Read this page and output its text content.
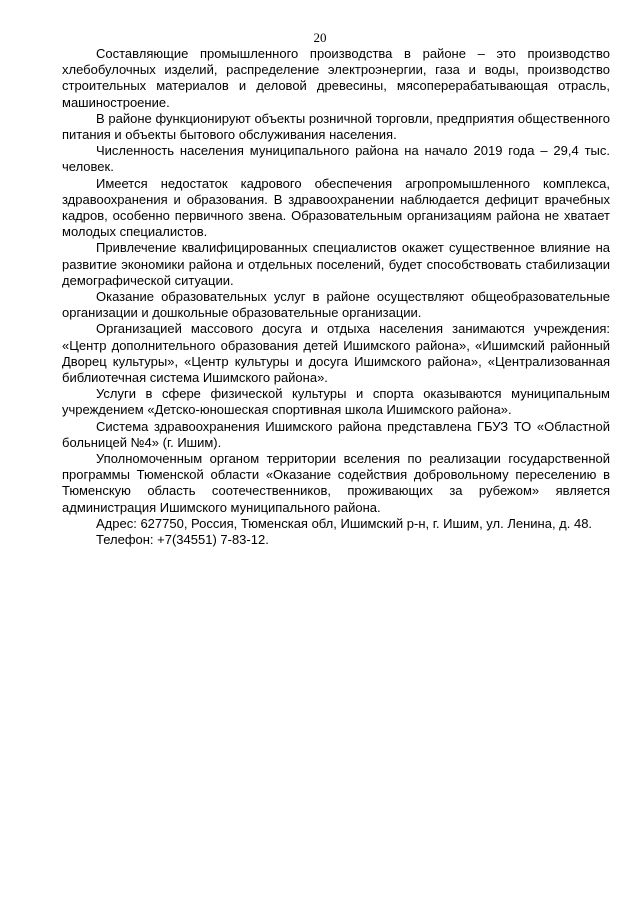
20

Составляющие промышленного производства в районе – это производство хлебобулочных изделий, распределение электроэнергии, газа и воды, производство строительных материалов и деловой древесины, мясоперерабатывающая отрасль, машиностроение.

В районе функционируют объекты розничной торговли, предприятия общественного питания и объекты бытового обслуживания населения.

Численность населения муниципального района на начало 2019 года – 29,4 тыс. человек.

Имеется недостаток кадрового обеспечения агропромышленного комплекса, здравоохранения и образования. В здравоохранении наблюдается дефицит врачебных кадров, особенно первичного звена. Образовательным организациям района не хватает молодых специалистов.

Привлечение квалифицированных специалистов окажет существенное влияние на развитие экономики района и отдельных поселений, будет способствовать стабилизации демографической ситуации.

Оказание образовательных услуг в районе осуществляют общеобразовательные организации и дошкольные образовательные организации.

Организацией массового досуга и отдыха населения занимаются учреждения: «Центр дополнительного образования детей Ишимского района», «Ишимский районный Дворец культуры», «Центр культуры и досуга Ишимского района», «Централизованная библиотечная система Ишимского района».

Услуги в сфере физической культуры и спорта оказываются муниципальным учреждением «Детско-юношеская спортивная школа Ишимского района».

Система здравоохранения Ишимского района представлена ГБУЗ ТО «Областной больницей №4» (г. Ишим).

Уполномоченным органом территории вселения по реализации государственной программы Тюменской области «Оказание содействия добровольному переселению в Тюменскую область соотечественников, проживающих за рубежом» является администрация Ишимского муниципального района.

Адрес: 627750, Россия, Тюменская обл, Ишимский р-н, г. Ишим, ул. Ленина, д. 48.

Телефон: +7(34551) 7-83-12.
